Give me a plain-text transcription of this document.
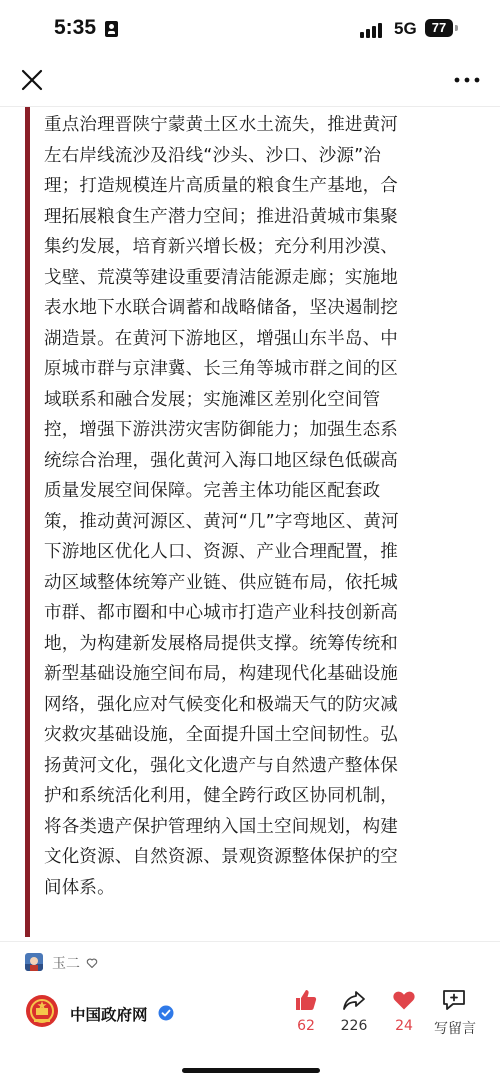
5:35	5G	77
重点治理晋陕宁蒙黄土区水土流失，推进黄河
左右岸线流沙及沿线“沙头、沙口、沙源”治
理；打造规模连片高质量的粮食生产基地，合
理拓展粮食生产潜力空间；推进沿黄城市集聚
集约发展，培育新兴增长极；充分利用沙漠、
戈壁、荒漠等建设重要清洁能源走廊；实施地
表水地下水联合调蓄和战略储备，坚决遏制挖
湖造景。在黄河下游地区，增强山东半岛、中
原城市群与京津冀、长三角等城市群之间的区
域联系和融合发展；实施滩区差别化空间管
控，增强下游洪涝灾害防御能力；加强生态系
统综合治理，强化黄河入海口地区绿色低碳高
质量发展空间保障。完善主体功能区配套政
策，推动黄河源区、黄河“几”字弯地区、黄河
下游地区优化人口、资源、产业合理配置，推
动区域整体统筹产业链、供应链布局，依托城
市群、都市圈和中心城市打造产业科技创新高
地，为构建新发展格局提供支撑。统筹传统和
新型基础设施空间布局，构建现代化基础设施
网络，强化应对气候变化和极端天气的防灾减
灾救灾基础设施，全面提升国土空间韧性。弘
扬黄河文化，强化文化遗产与自然遗产整体保
护和系统活化利用，健全跨行政区协同机制，
将各类遗产保护管理纳入国土空间规划，构建
文化资源、自然资源、景观资源整体保护的空
间体系。
玉二
中国政府网
62	226	24	写留言
